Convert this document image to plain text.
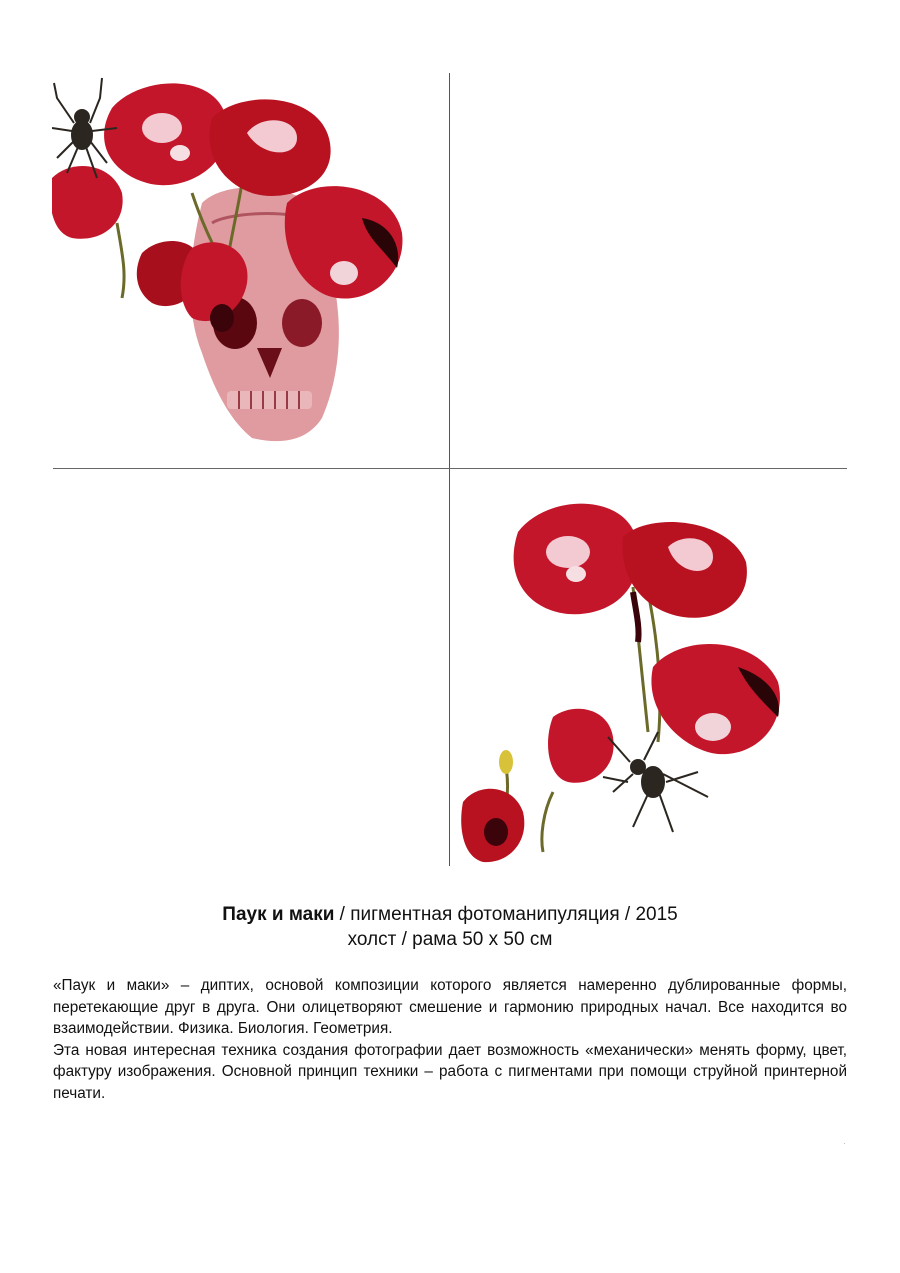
Паук и маки / пигментная фотоманипуляция / 2015
холст / рама 50 х 50 см

«Паук и маки» – диптих, основой композиции которого является намеренно дублированные формы, перетекающие друг в друга. Они олицетворяют смешение и гармонию природных начал. Все находится во взаимодействии. Физика. Биология. Геометрия.

Эта новая интересная техника создания фотографии дает возможность «механически» менять форму, цвет, фактуру изображения. Основной принцип техники – работа с пигментами при помощи струйной принтерной печати.
